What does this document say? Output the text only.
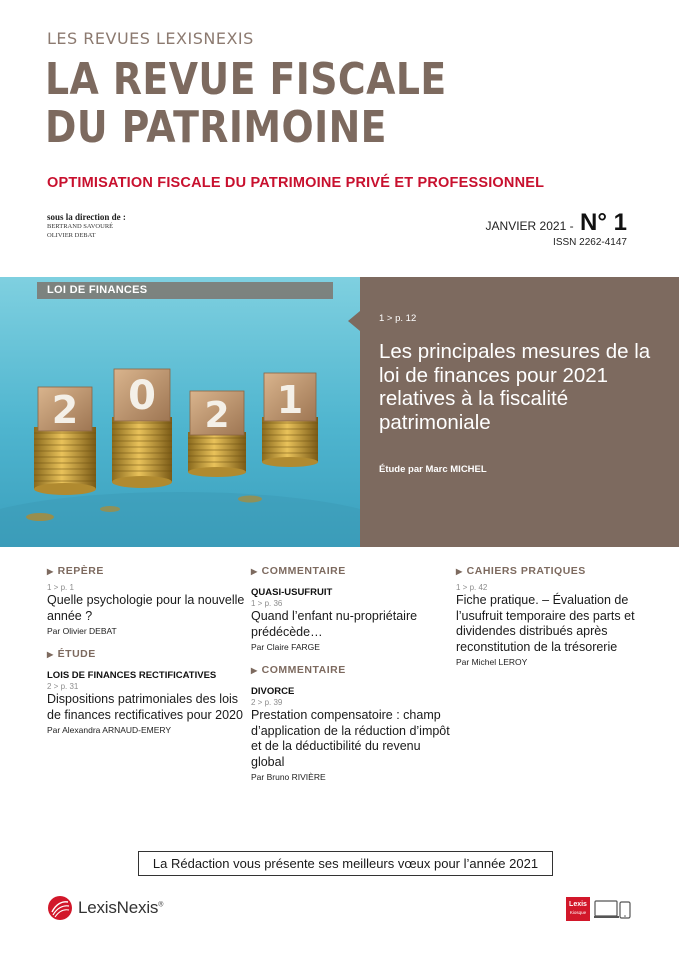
LES REVUES LEXISNEXIS
LA REVUE FISCALE
DU PATRIMOINE
OPTIMISATION FISCALE DU PATRIMOINE PRIVÉ ET PROFESSIONNEL
sous la direction de :
BERTRAND SAVOURÉ
OLIVIER DEBAT
JANVIER 2021 - N° 1
ISSN 2262-4147
2 0 2 1
LOI DE FINANCES
1 > p. 12
Les principales mesures de la loi de finances pour 2021 relatives à la fiscalité patrimoniale
Étude par Marc MICHEL
▶ REPÈRE
1 > p. 1
Quelle psychologie pour la nouvelle année ?
Par Olivier DEBAT
▶ ÉTUDE
LOIS DE FINANCES RECTIFICATIVES
2 > p. 31
Dispositions patrimoniales des lois de finances rectificatives pour 2020
Par Alexandra ARNAUD-EMERY
▶ COMMENTAIRE
QUASI-USUFRUIT
1 > p. 36
Quand l’enfant nu-propriétaire prédécède…
Par Claire FARGE
▶ COMMENTAIRE
DIVORCE
2 > p. 39
Prestation compensatoire : champ d’application de la réduction d’impôt et de la déductibilité du revenu global
Par Bruno RIVIÈRE
▶ CAHIERS PRATIQUES
1 > p. 42
Fiche pratique. – Évaluation de l’usufruit temporaire des parts et dividendes distribués après reconstitution de la trésorerie
Par Michel LEROY
La Rédaction vous présente ses meilleurs vœux pour l’année 2021
LexisNexis®	Lexis
Kiosque
